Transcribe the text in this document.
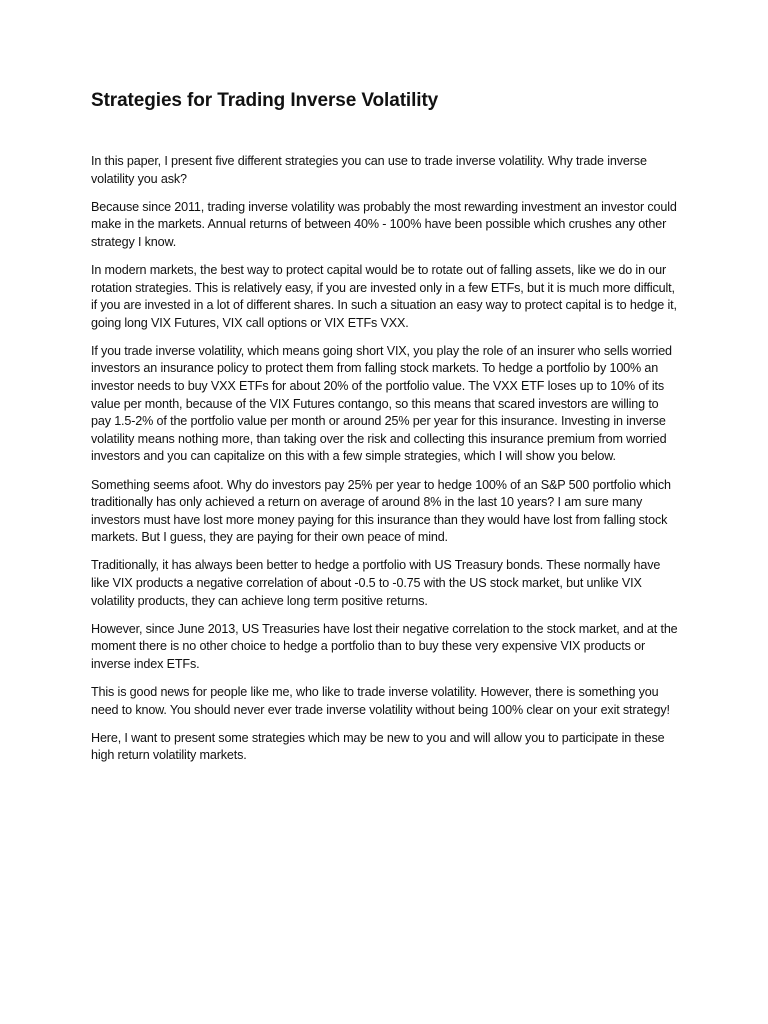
Strategies for Trading Inverse Volatility

In this paper, I present five different strategies you can use to trade inverse volatility. Why trade inverse volatility you ask?

Because since 2011, trading inverse volatility was probably the most rewarding investment an investor could make in the markets. Annual returns of between 40% - 100% have been possible which crushes any other strategy I know.

In modern markets, the best way to protect capital would be to rotate out of falling assets, like we do in our rotation strategies. This is relatively easy, if you are invested only in a few ETFs, but it is much more difficult, if you are invested in a lot of different shares. In such a situation an easy way to protect capital is to hedge it, going long VIX Futures, VIX call options or VIX ETFs VXX.

If you trade inverse volatility, which means going short VIX, you play the role of an insurer who sells worried investors an insurance policy to protect them from falling stock markets. To hedge a portfolio by 100% an investor needs to buy VXX ETFs for about 20% of the portfolio value. The VXX ETF loses up to 10% of its value per month, because of the VIX Futures contango, so this means that scared investors are willing to pay 1.5-2% of the portfolio value per month or around 25% per year for this insurance. Investing in inverse volatility means nothing more, than taking over the risk and collecting this insurance premium from worried investors and you can capitalize on this with a few simple strategies, which I will show you below.

Something seems afoot. Why do investors pay 25% per year to hedge 100% of an S&P 500 portfolio which traditionally has only achieved a return on average of around 8% in the last 10 years? I am sure many investors must have lost more money paying for this insurance than they would have lost from falling stock markets. But I guess, they are paying for their own peace of mind.

Traditionally, it has always been better to hedge a portfolio with US Treasury bonds. These normally have like VIX products a negative correlation of about -0.5 to -0.75 with the US stock market, but unlike VIX volatility products, they can achieve long term positive returns.

However, since June 2013, US Treasuries have lost their negative correlation to the stock market, and at the moment there is no other choice to hedge a portfolio than to buy these very expensive VIX products or inverse index ETFs.

This is good news for people like me, who like to trade inverse volatility. However, there is something you need to know. You should never ever trade inverse volatility without being 100% clear on your exit strategy!

Here, I want to present some strategies which may be new to you and will allow you to participate in these high return volatility markets.
